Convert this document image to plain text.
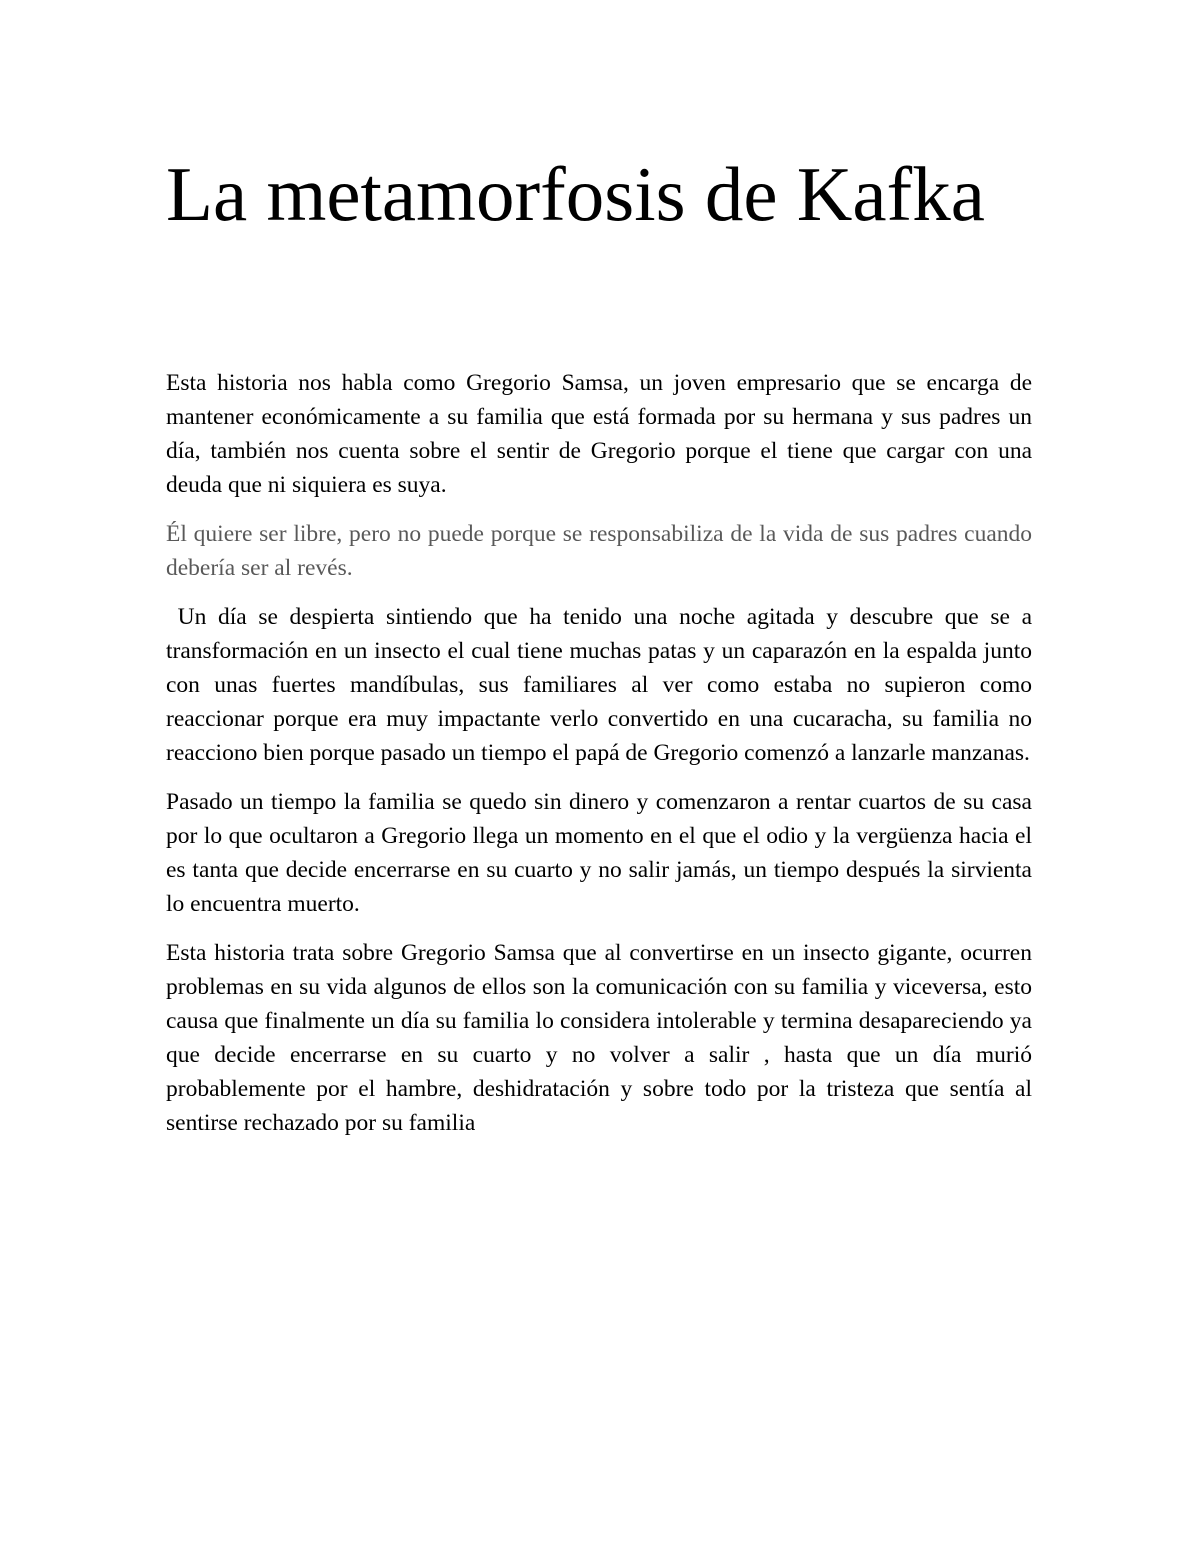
La metamorfosis de Kafka

Esta historia nos habla como Gregorio Samsa, un joven empresario que se encarga de mantener económicamente a su familia que está formada por su hermana y sus padres un día, también nos cuenta sobre el sentir de Gregorio porque el tiene que cargar con una deuda que ni siquiera es suya.

Él quiere ser libre, pero no puede porque se responsabiliza de la vida de sus padres cuando debería ser al revés.

Un día se despierta sintiendo que ha tenido una noche agitada y descubre que se a transformación en un insecto el cual tiene muchas patas y un caparazón en la espalda junto con unas fuertes mandíbulas, sus familiares al ver como estaba no supieron como reaccionar porque era muy impactante verlo convertido en una cucaracha, su familia no reacciono bien porque pasado un tiempo el papá de Gregorio comenzó a lanzarle manzanas.

Pasado un tiempo la familia se quedo sin dinero y comenzaron a rentar cuartos de su casa por lo que ocultaron a Gregorio llega un momento en el que el odio y la vergüenza hacia el es tanta que decide encerrarse en su cuarto y no salir jamás, un tiempo después la sirvienta lo encuentra muerto.

Esta historia trata sobre Gregorio Samsa que al convertirse en un insecto gigante, ocurren problemas en su vida algunos de ellos son la comunicación con su familia y viceversa, esto causa que finalmente un día su familia lo considera intolerable y termina desapareciendo ya que decide encerrarse en su cuarto y no volver a salir , hasta que un día murió probablemente por el hambre, deshidratación y sobre todo por la tristeza que sentía al sentirse rechazado por su familia
